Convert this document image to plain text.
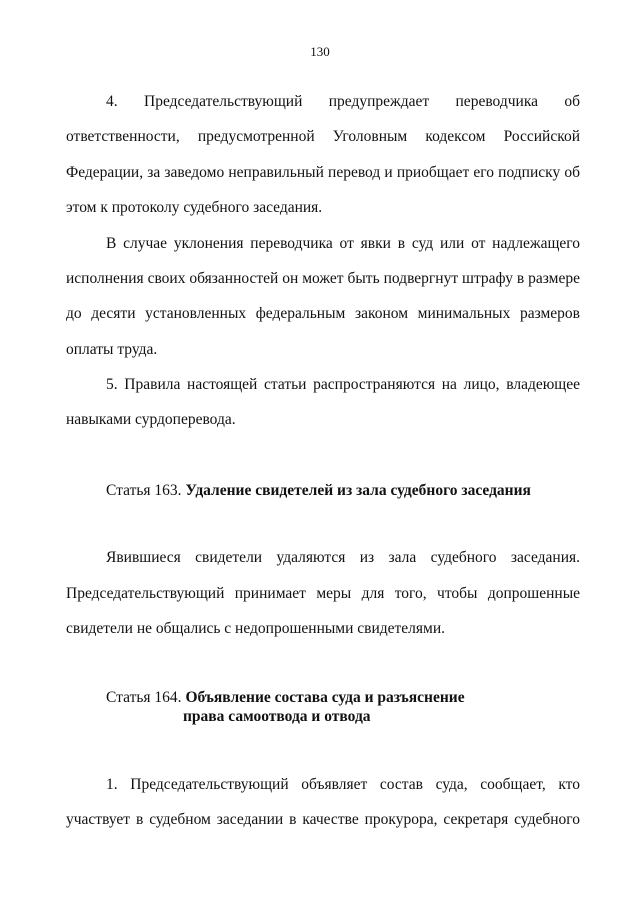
130
4. Председательствующий предупреждает переводчика об
ответственности, предусмотренной Уголовным кодексом Российской
Федерации, за заведомо неправильный перевод и приобщает его подписку об
этом к протоколу судебного заседания.
В случае уклонения переводчика от явки в суд или от надлежащего
исполнения своих обязанностей он может быть подвергнут штрафу в размере
до десяти установленных федеральным законом минимальных размеров
оплаты труда.
5. Правила настоящей статьи распространяются на лицо, владеющее
навыками сурдоперевода.
Статья 163. Удаление свидетелей из зала судебного заседания
Явившиеся свидетели удаляются из зала судебного заседания.
Председательствующий принимает меры для того, чтобы допрошенные
свидетели не общались с недопрошенными свидетелями.
Статья 164. Объявление состава суда и разъяснение
права самоотвода и отвода
1. Председательствующий объявляет состав суда, сообщает, кто
участвует в судебном заседании в качестве прокурора, секретаря судебного
